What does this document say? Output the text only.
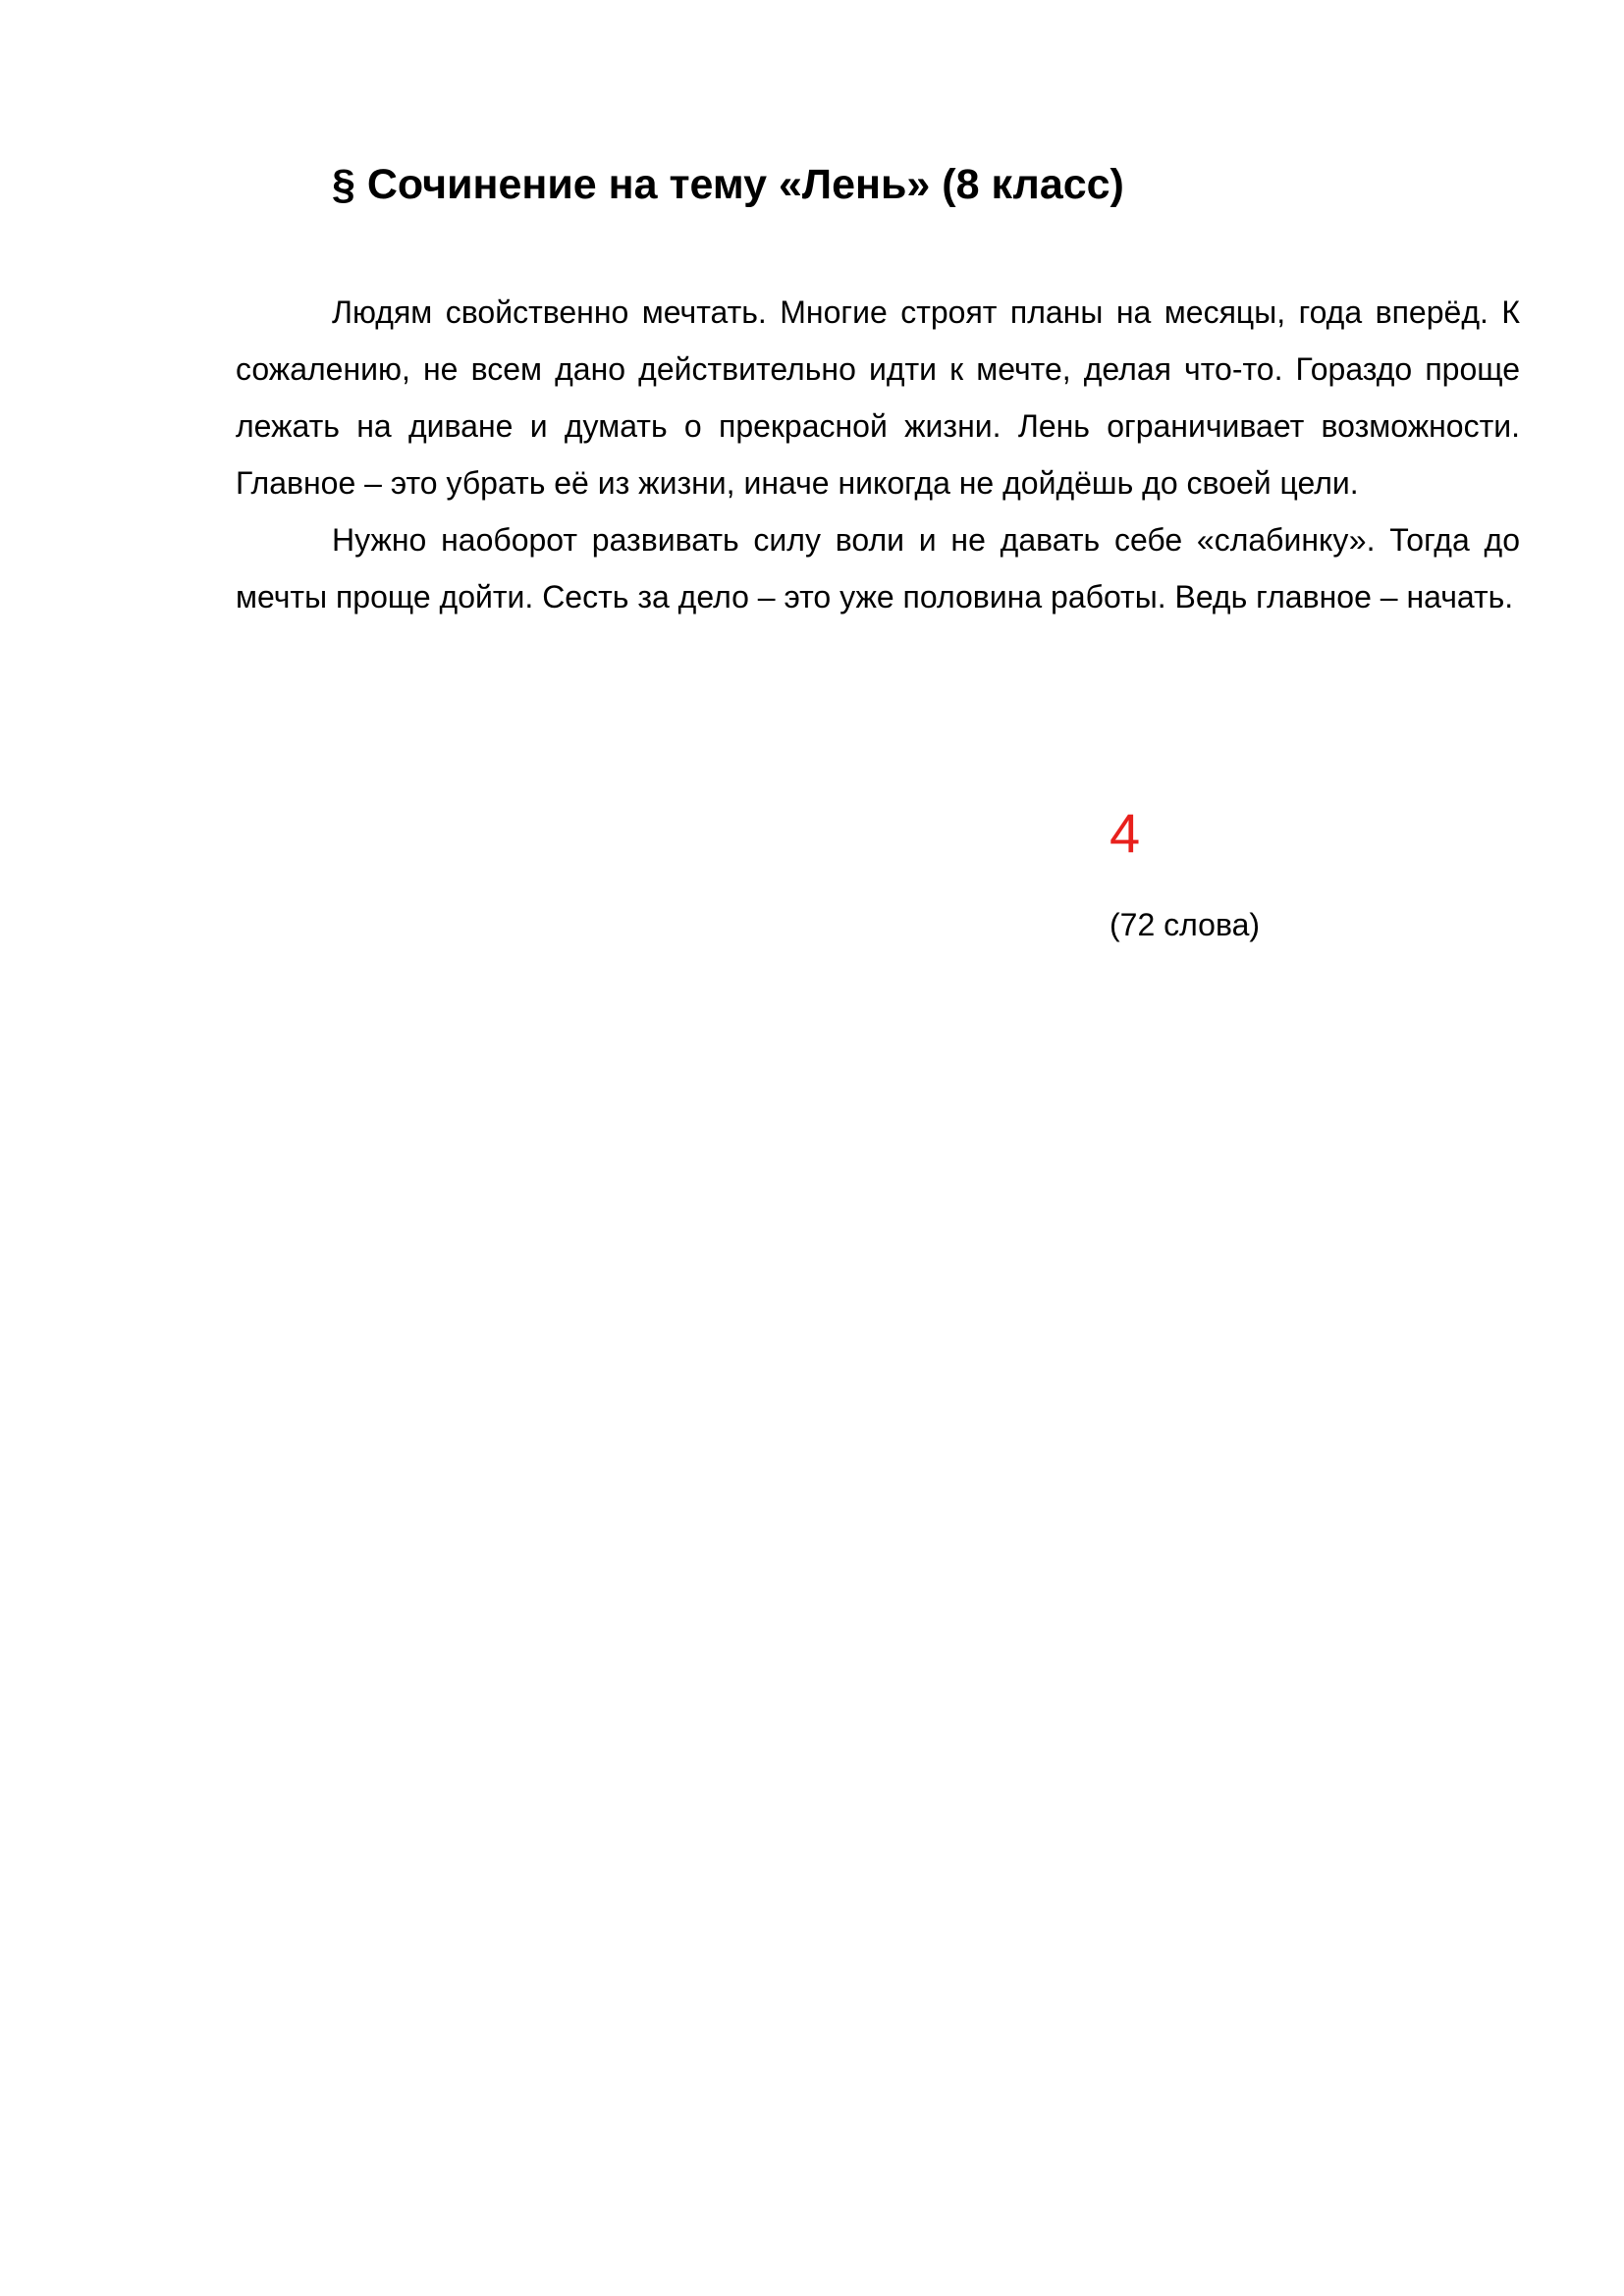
§ Сочинение на тему «Лень» (8 класс)

Людям свойственно мечтать. Многие строят планы на месяцы, года вперёд. К сожалению, не всем дано действительно идти к мечте, делая что-то. Гораздо проще лежать на диване и думать о прекрасной жизни. Лень ограничивает возможности. Главное – это убрать её из жизни, иначе никогда не дойдёшь до своей цели.

Нужно наоборот развивать силу воли и не давать себе «слабинку». Тогда до мечты проще дойти. Сесть за дело – это уже половина работы. Ведь главное – начать.

4
(72 слова)
